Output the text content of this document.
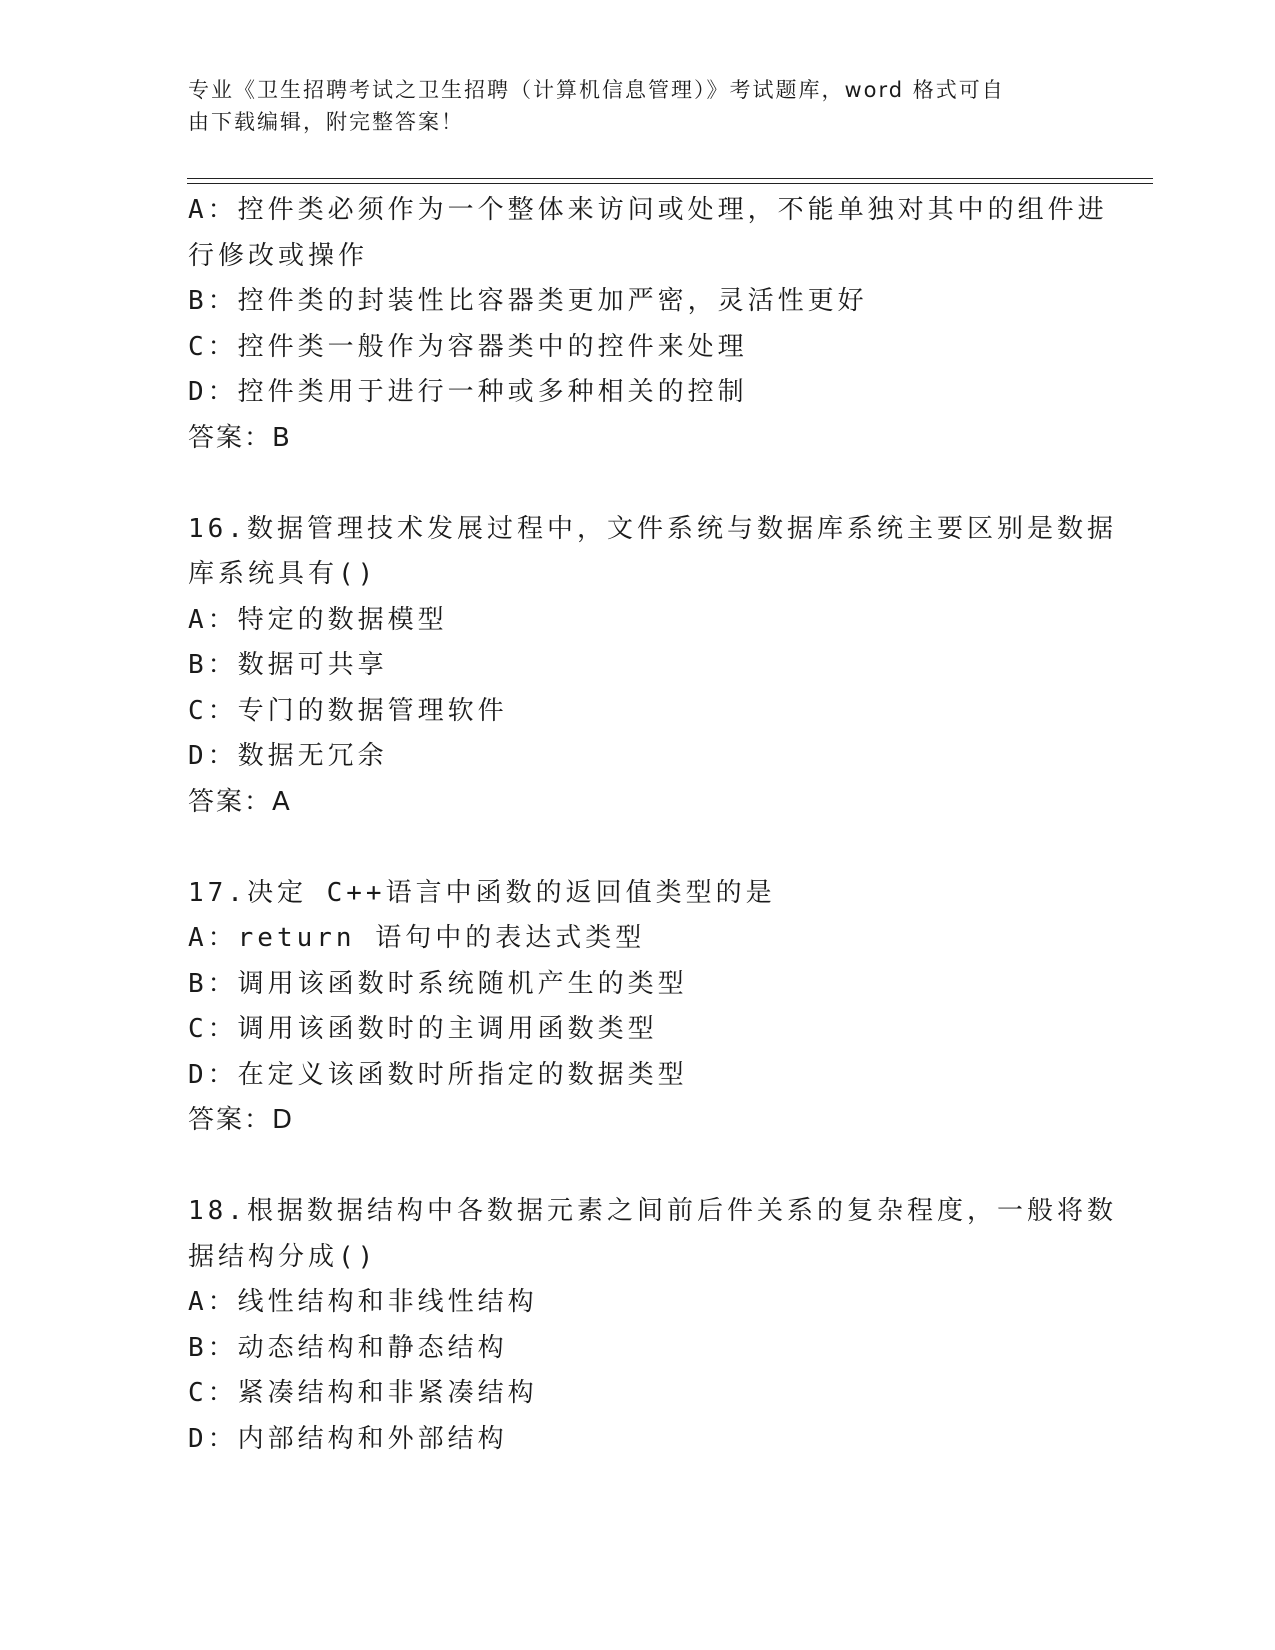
专业《卫生招聘考试之卫生招聘（计算机信息管理）》考试题库，word 格式可自
由下载编辑，附完整答案！
A：控件类必须作为一个整体来访问或处理，不能单独对其中的组件进
行修改或操作
B：控件类的封装性比容器类更加严密，灵活性更好
C：控件类一般作为容器类中的控件来处理
D：控件类用于进行一种或多种相关的控制
答案：B
16.数据管理技术发展过程中，文件系统与数据库系统主要区别是数据
库系统具有()
A：特定的数据模型
B：数据可共享
C：专门的数据管理软件
D：数据无冗余
答案：A
17.决定 C++语言中函数的返回值类型的是
A：return 语句中的表达式类型
B：调用该函数时系统随机产生的类型
C：调用该函数时的主调用函数类型
D：在定义该函数时所指定的数据类型
答案：D
18.根据数据结构中各数据元素之间前后件关系的复杂程度，一般将数
据结构分成()
A：线性结构和非线性结构
B：动态结构和静态结构
C：紧凑结构和非紧凑结构
D：内部结构和外部结构
